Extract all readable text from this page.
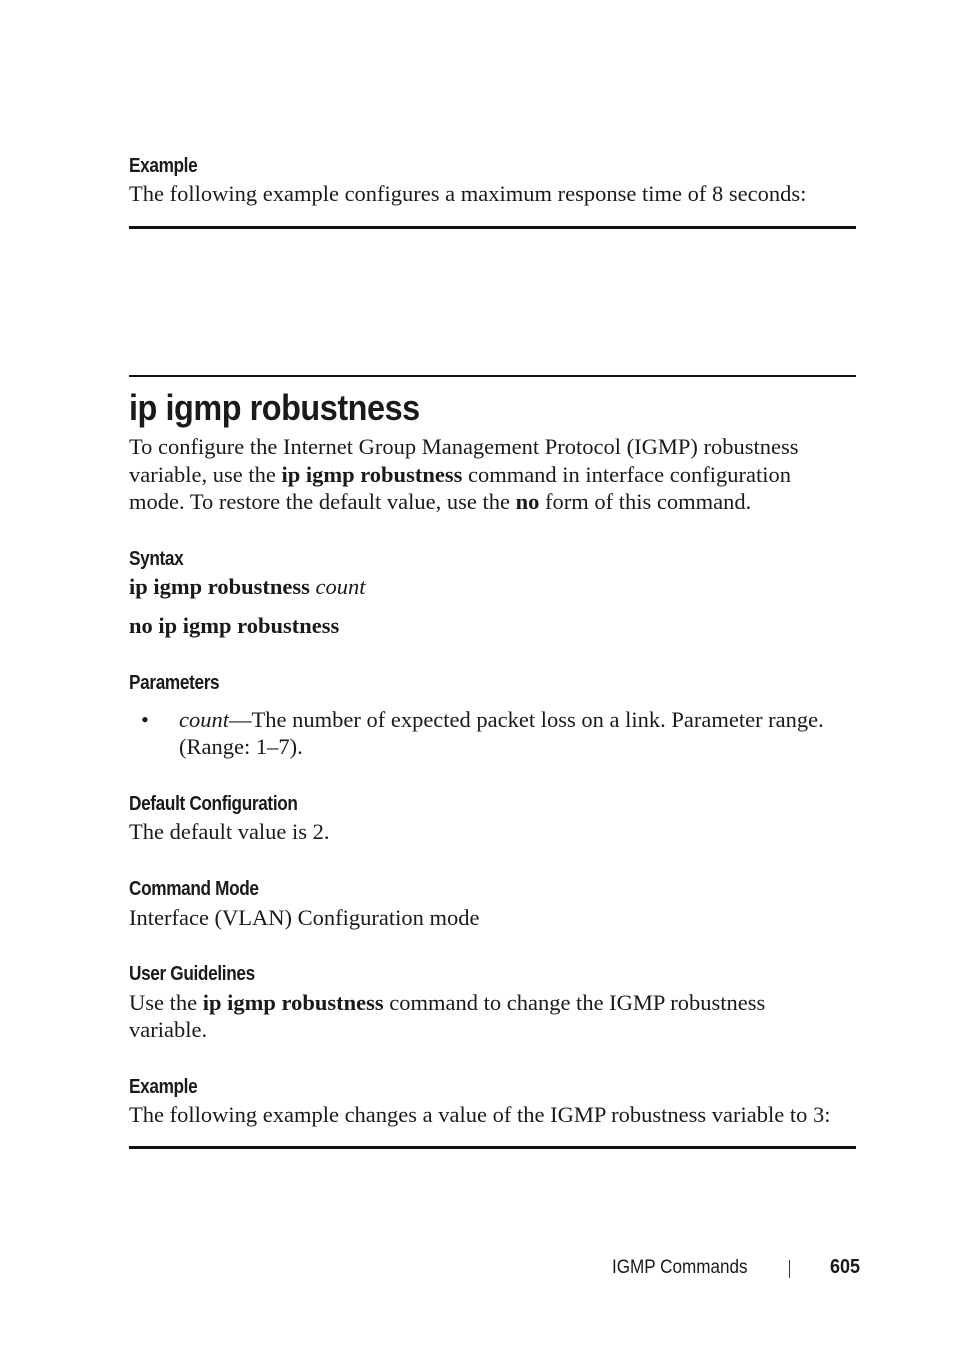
Example
The following example configures a maximum response time of 8 seconds:
ip igmp robustness
To configure the Internet Group Management Protocol (IGMP) robustness
variable, use the ip igmp robustness command in interface configuration
mode. To restore the default value, use the no form of this command.
Syntax
ip igmp robustness count
no ip igmp robustness
Parameters
• count—The number of expected packet loss on a link. Parameter range.
(Range: 1–7).
Default Configuration
The default value is 2.
Command Mode
Interface (VLAN) Configuration mode
User Guidelines
Use the ip igmp robustness command to change the IGMP robustness
variable.
Example
The following example changes a value of the IGMP robustness variable to 3:
IGMP Commands	605
